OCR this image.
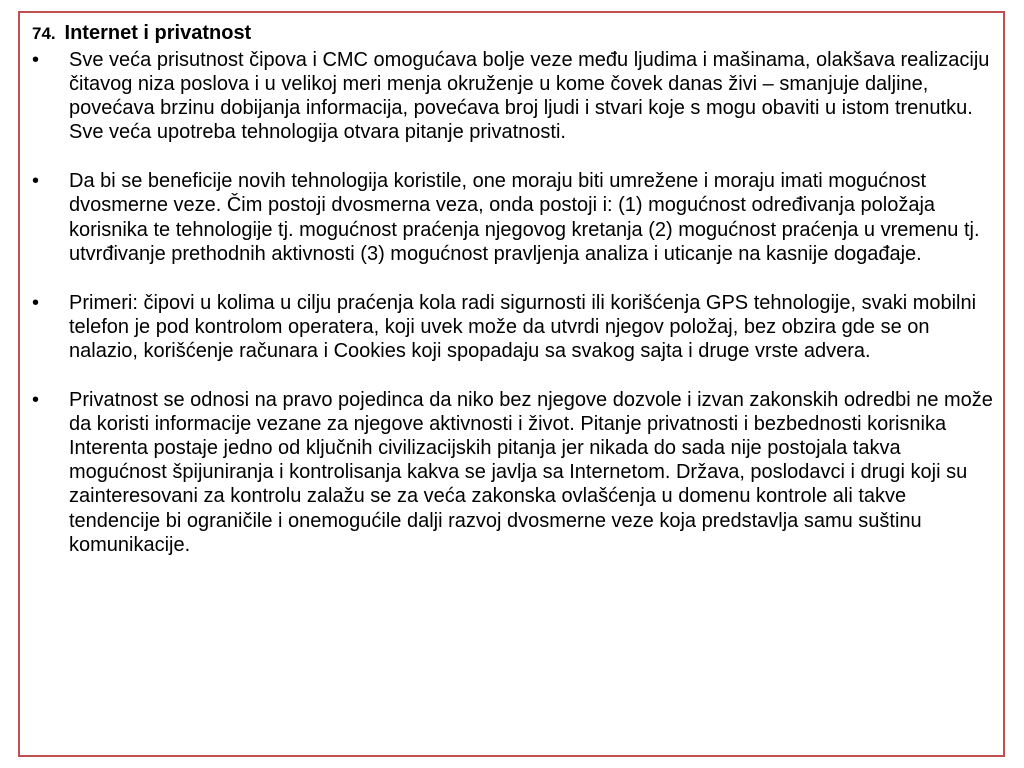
74. Internet i privatnost
• Sve veća prisutnost čipova i CMC omogućava bolje veze među ljudima i mašinama, olakšava realizaciju čitavog niza poslova i u velikoj meri menja okruženje u kome čovek danas živi – smanjuje daljine, povećava brzinu dobijanja informacija, povećava broj ljudi i stvari koje s mogu obaviti u istom trenutku. Sve veća upotreba tehnologija otvara pitanje privatnosti.
• Da bi se beneficije novih tehnologija koristile, one moraju biti umrežene i moraju imati mogućnost dvosmerne veze. Čim postoji dvosmerna veza, onda postoji i: (1) mogućnost određivanja položaja korisnika te tehnologije tj. mogućnost praćenja njegovog kretanja (2) mogućnost praćenja u vremenu tj. utvrđivanje prethodnih aktivnosti (3) mogućnost pravljenja analiza i uticanje na kasnije događaje.
• Primeri: čipovi u kolima u cilju praćenja kola radi sigurnosti ili korišćenja GPS tehnologije, svaki mobilni telefon je pod kontrolom operatera, koji uvek može da utvrdi njegov položaj, bez obzira gde se on nalazio, korišćenje računara i Cookies koji spopadaju sa svakog sajta i druge vrste advera.
• Privatnost se odnosi na pravo pojedinca da niko bez njegove dozvole i izvan zakonskih odredbi ne može da koristi informacije vezane za njegove aktivnosti i život. Pitanje privatnosti i bezbednosti korisnika Interenta postaje jedno od ključnih civilizacijskih pitanja jer nikada do sada nije postojala takva mogućnost špijuniranja i kontrolisanja kakva se javlja sa Internetom. Država, poslodavci i drugi koji su zainteresovani za kontrolu zalažu se za veća zakonska ovlašćenja u domenu kontrole ali takve tendencije bi ograničile i onemogućile dalji razvoj dvosmerne veze koja predstavlja samu suštinu komunikacije.
